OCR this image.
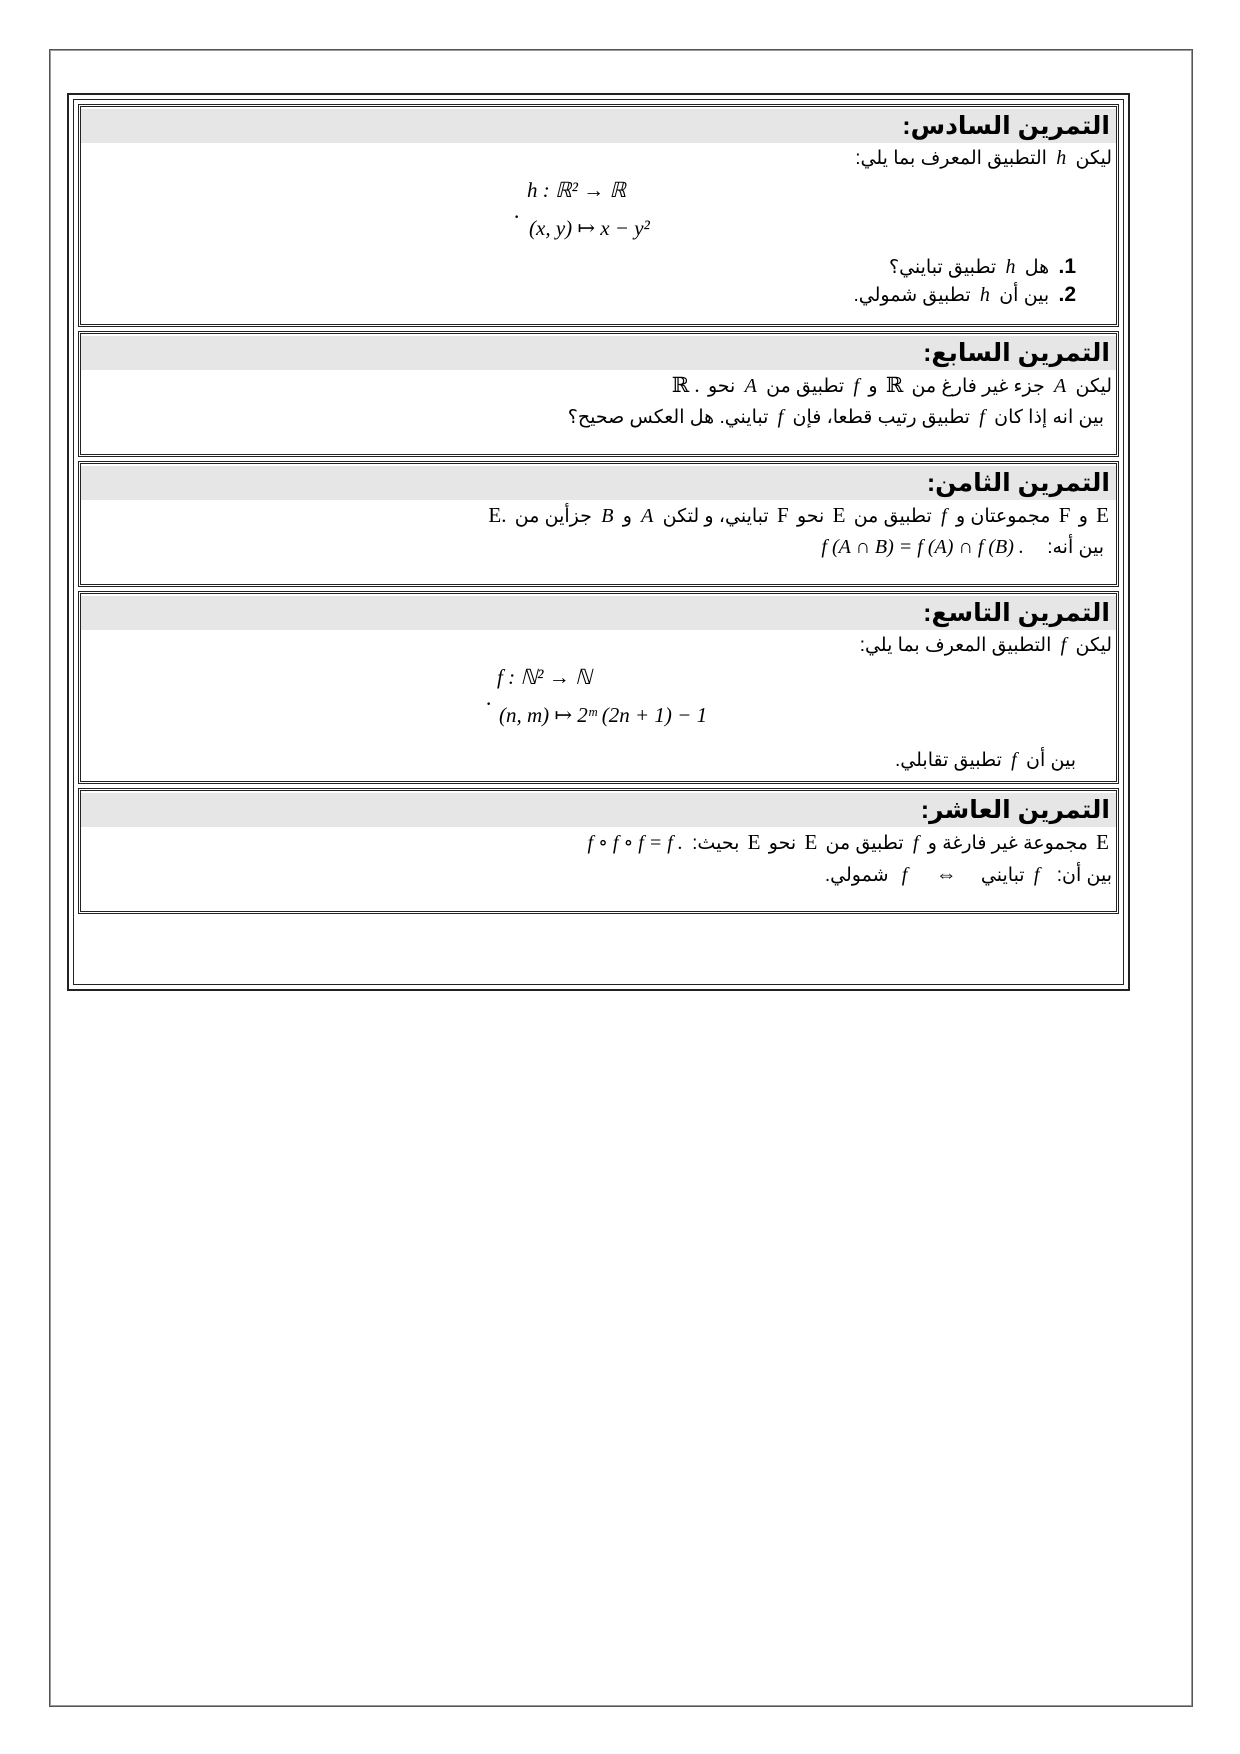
التمرين السادس:
ليكن h التطبيق المعرف بما يلي:
h : ℝ² → ℝ
· (x, y) ↦ x − y²
1. هل h تطبيق تبايني؟
2. بين أن h تطبيق شمولي.
التمرين السابع:
ليكن A جزء غير فارغ من ℝ و f تطبيق من A نحو ℝ .
بين انه إذا كان f تطبيق رتيب قطعا، فإن f تبايني. هل العكس صحيح؟
التمرين الثامن:
E و F مجموعتان و f تطبيق من E نحو F تبايني، و لتكن A و B جزأين من E.
بين أنه: f (A ∩ B) = f (A) ∩ f (B) .
التمرين التاسع:
ليكن f التطبيق المعرف بما يلي:
f : ℕ² → ℕ
· (n, m) ↦ 2ᵐ (2n + 1) − 1
بين أن f تطبيق تقابلي.
التمرين العاشر:
E مجموعة غير فارغة و f تطبيق من E نحو E بحيث: f ∘ f ∘ f = f .
بين أن: f تبايني ⇔ f شمولي.
